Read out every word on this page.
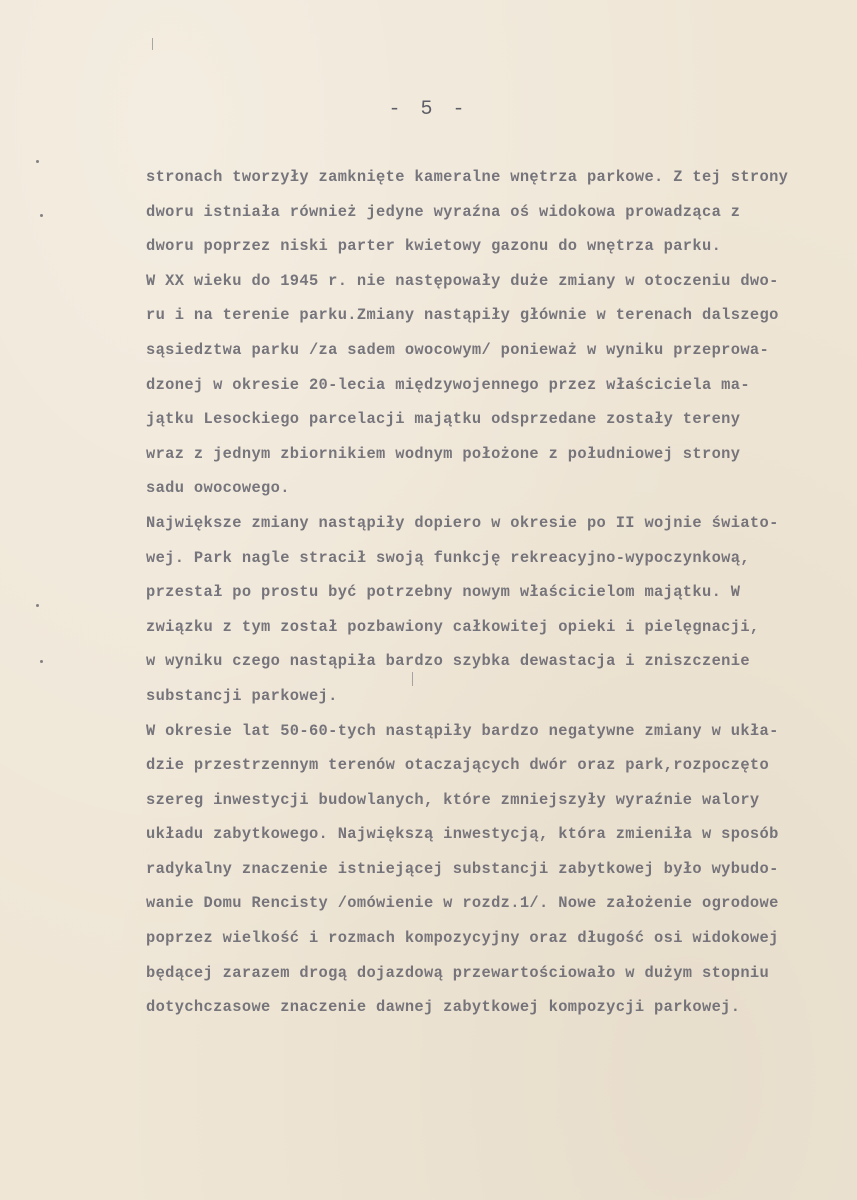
- 5 -
stronach tworzyły zamknięte kameralne wnętrza parkowe. Z tej strony
dworu istniała również jedyne wyraźna oś widokowa prowadząca z
dworu poprzez niski parter kwietowy gazonu do wnętrza parku.
W XX wieku do 1945 r. nie następowały duże zmiany w otoczeniu dwo-
ru i na terenie parku.Zmiany nastąpiły głównie w terenach dalszego
sąsiedztwa parku /za sadem owocowym/ ponieważ w wyniku przeprowa-
dzonej w okresie 20-lecia międzywojennego przez właściciela ma-
jątku Lesockiego parcelacji majątku odsprzedane zostały tereny
wraz z jednym zbiornikiem wodnym położone z południowej strony
sadu owocowego.
Największe zmiany nastąpiły dopiero w okresie po II wojnie świato-
wej. Park nagle stracił swoją funkcję rekreacyjno-wypoczynkową,
przestał po prostu być potrzebny nowym właścicielom majątku. W
związku z tym został pozbawiony całkowitej opieki i pielęgnacji,
w wyniku czego nastąpiła bardzo szybka dewastacja i zniszczenie
substancji parkowej.
W okresie lat 50-60-tych nastąpiły bardzo negatywne zmiany w ukła-
dzie przestrzennym terenów otaczających dwór oraz park,rozpoczęto
szereg inwestycji budowlanych, które zmniejszyły wyraźnie walory
układu zabytkowego. Największą inwestycją, która zmieniła w sposób
radykalny znaczenie istniejącej substancji zabytkowej było wybudo-
wanie Domu Rencisty /omówienie w rozdz.1/. Nowe założenie ogrodowe
poprzez wielkość i rozmach kompozycyjny oraz długość osi widokowej
będącej zarazem drogą dojazdową przewartościowało w dużym stopniu
dotychczasowe znaczenie dawnej zabytkowej kompozycji parkowej.
